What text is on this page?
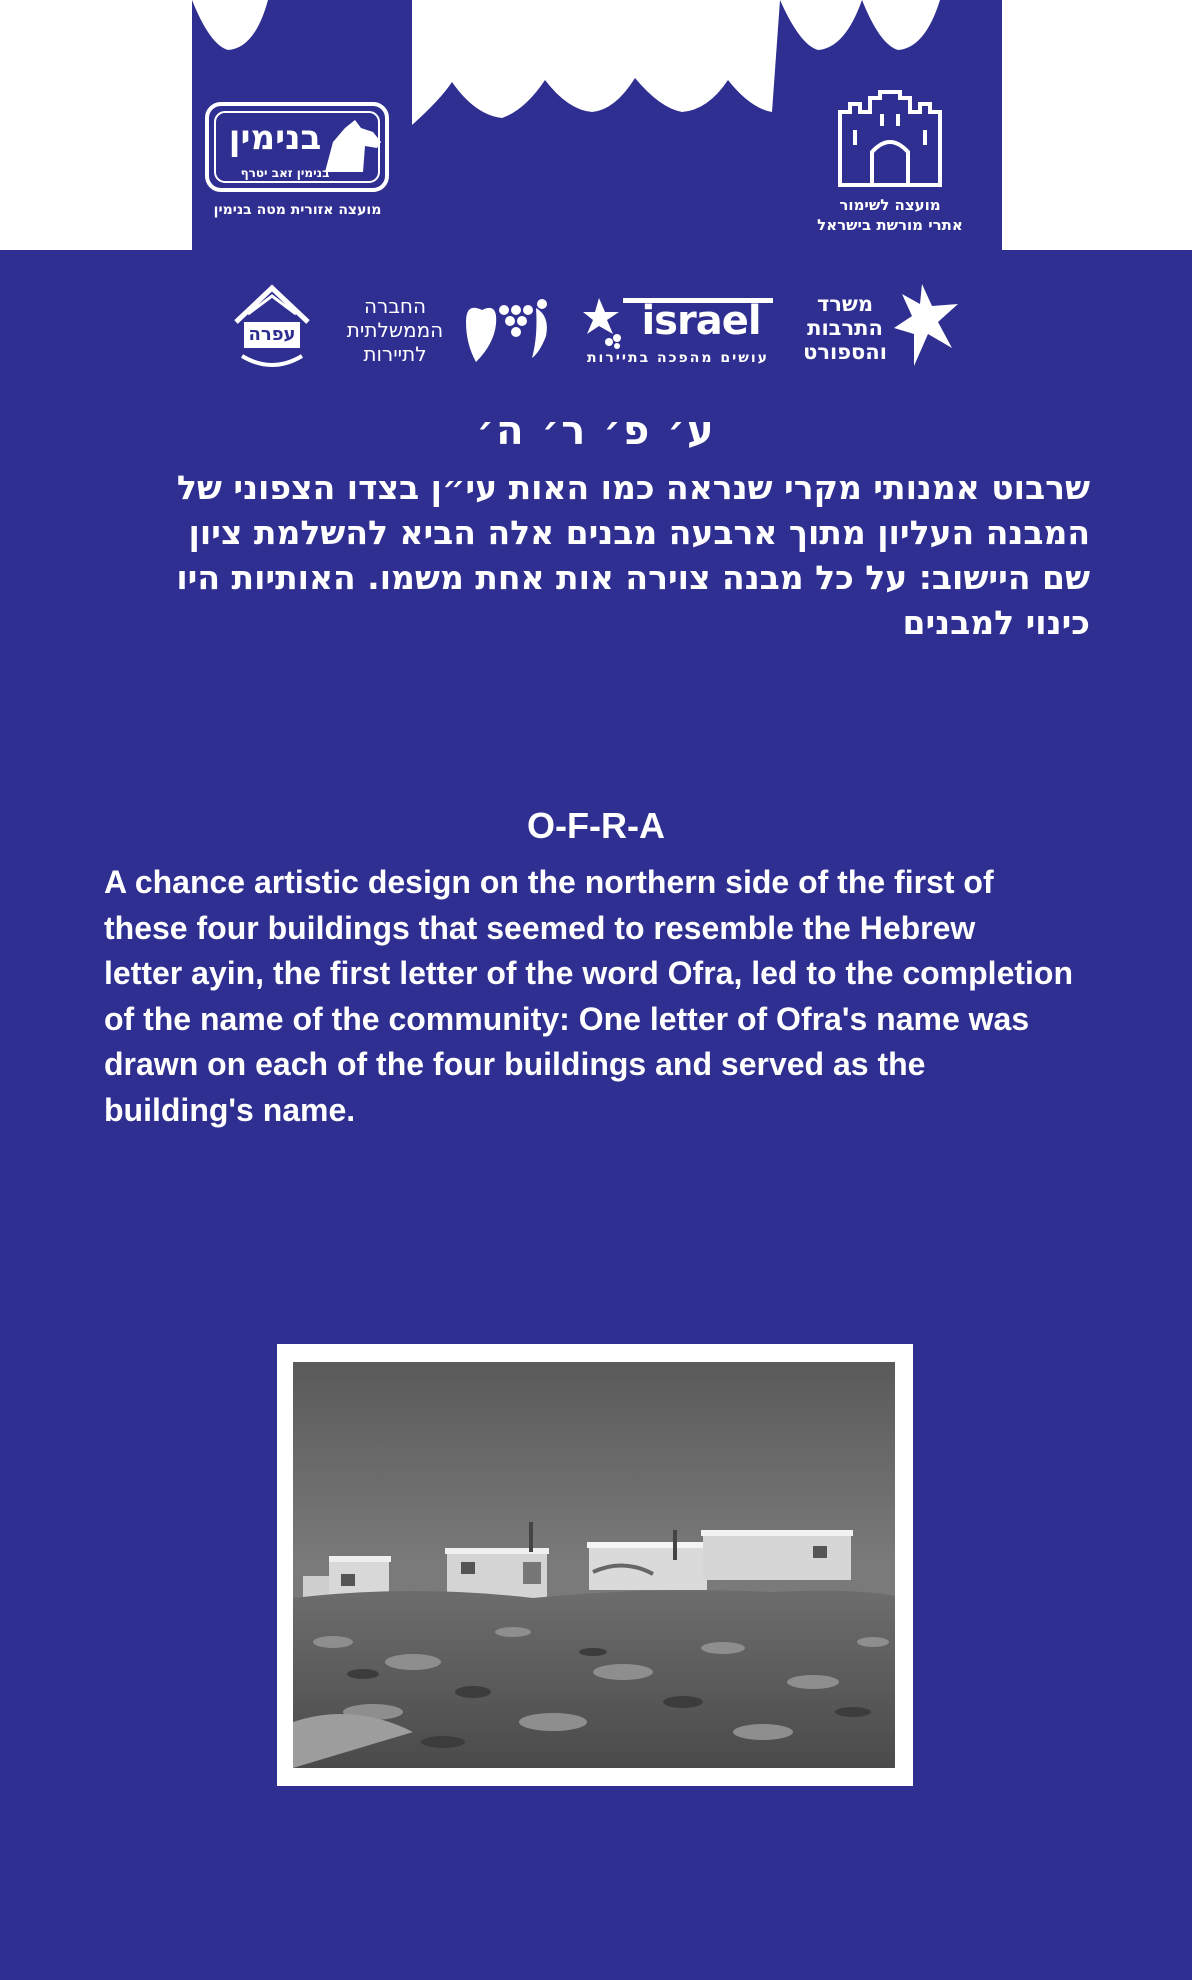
בנימין
בנימין זאב יטרף
מועצה אזורית מטה בנימין	מועצה לשימור
אתרי מורשת בישראל
עפרה
החברה
הממשלתית
לתיירות
israel
עושים מהפכה בתיירות
משרד
התרבות
והספורט
ע׳ פ׳ ר׳ ה׳
שרבוט אמנותי מקרי שנראה כמו האות עי״ן בצדו הצפוני של
המבנה העליון מתוך ארבעה מבנים אלה הביא להשלמת ציון
שם היישוב: על כל מבנה צוירה אות אחת משמו. האותיות היו
כינוי למבנים
O-F-R-A
A chance artistic design on the northern side of the first of
these four buildings that seemed to resemble the Hebrew
letter ayin, the first letter of the word Ofra, led to the completion
of the name of the community: One letter of Ofra's name was
drawn on each of the four buildings and served as the
building's name.
